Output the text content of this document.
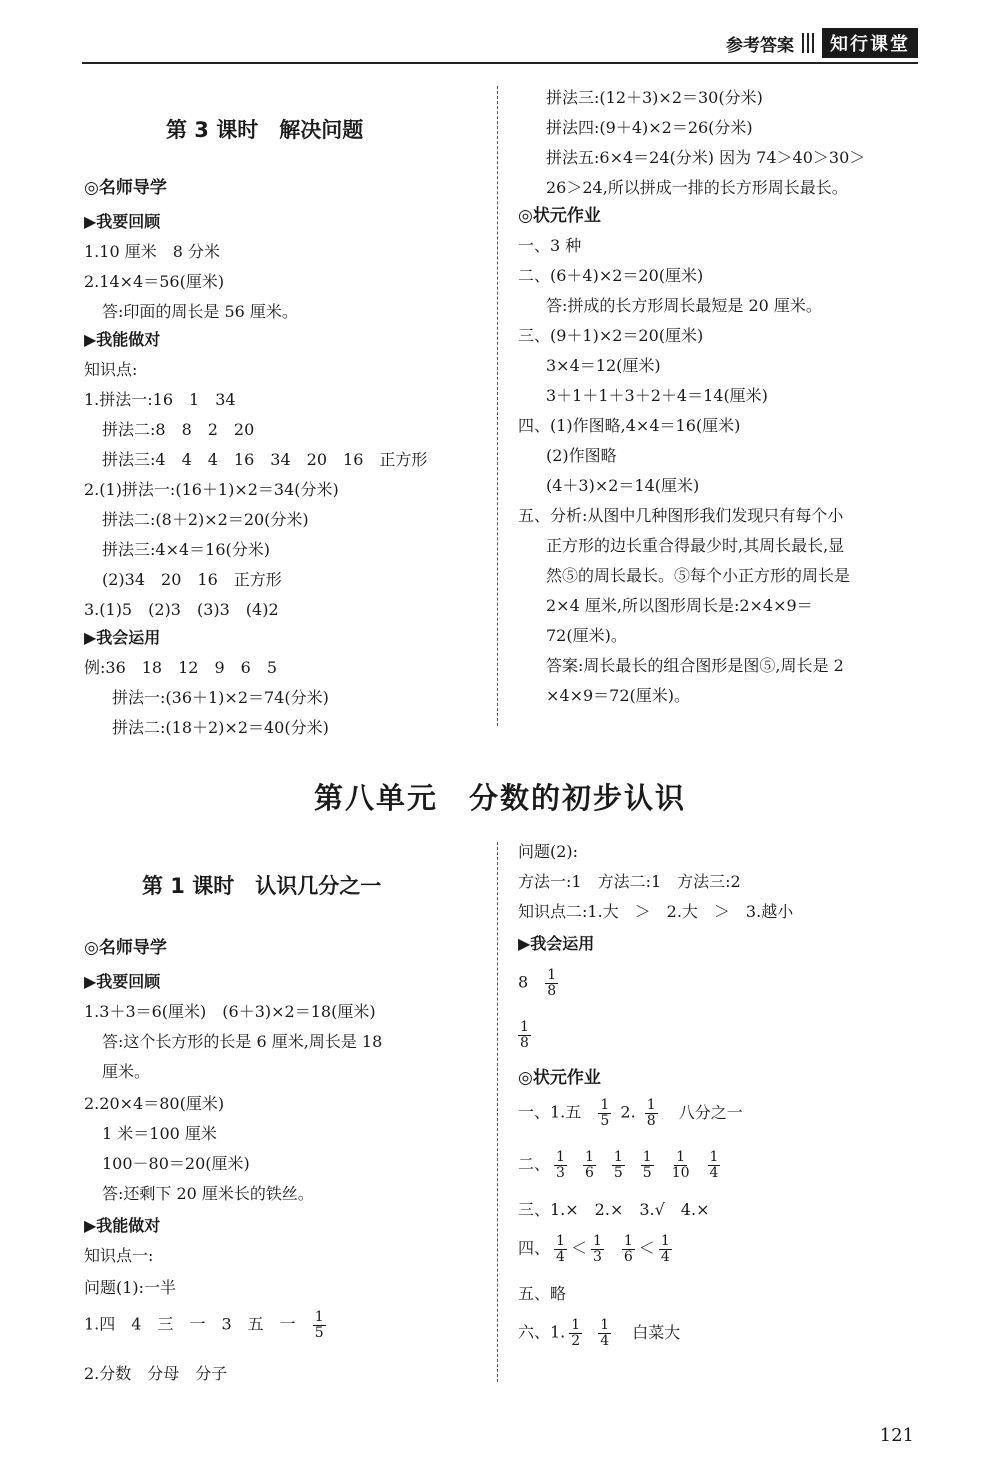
参考答案	知行课堂
第 3 课时　解决问题
◎名师导学
▶我要回顾
1.10 厘米　8 分米
2.14×4＝56(厘米)
答:印面的周长是 56 厘米。
▶我能做对
知识点:
1.拼法一:16　1　34
拼法二:8　8　2　20
拼法三:4　4　4　16　34　20　16　正方形
2.(1)拼法一:(16＋1)×2＝34(分米)
拼法二:(8＋2)×2＝20(分米)
拼法三:4×4＝16(分米)
(2)34　20　16　正方形
3.(1)5　(2)3　(3)3　(4)2
▶我会运用
例:36　18　12　9　6　5
拼法一:(36＋1)×2＝74(分米)
拼法二:(18＋2)×2＝40(分米)
拼法三:(12＋3)×2＝30(分米)
拼法四:(9＋4)×2＝26(分米)
拼法五:6×4＝24(分米) 因为 74＞40＞30＞
26＞24,所以拼成一排的长方形周长最长。
◎状元作业
一、3 种
二、(6＋4)×2＝20(厘米)
答:拼成的长方形周长最短是 20 厘米。
三、(9＋1)×2＝20(厘米)
3×4＝12(厘米)
3＋1＋1＋3＋2＋4＝14(厘米)
四、(1)作图略,4×4＝16(厘米)
(2)作图略
(4＋3)×2＝14(厘米)
五、分析:从图中几种图形我们发现只有每个小
正方形的边长重合得最少时,其周长最长,显
然⑤的周长最长。⑤每个小正方形的周长是
2×4 厘米,所以图形周长是:2×4×9＝
72(厘米)。
答案:周长最长的组合图形是图⑤,周长是 2
×4×9＝72(厘米)。
第八单元　分数的初步认识
第 1 课时　认识几分之一
◎名师导学
▶我要回顾
1.3＋3＝6(厘米)　(6＋3)×2＝18(厘米)
答:这个长方形的长是 6 厘米,周长是 18
厘米。
2.20×4＝80(厘米)
1 米＝100 厘米
100－80＝20(厘米)
答:还剩下 20 厘米长的铁丝。
▶我能做对
知识点一:
问题(1):一半
1.四　4　三　一　3　五　一 $\frac{1}{5}$
2.分数　分母　分子
问题(2):
方法一:1　方法二:1　方法三:2
知识点二:1.大　＞　2.大　＞　3.越小
▶我会运用
$8 \frac{1}{8}$
$\frac{1}{8}$
◎状元作业
一、1.五 $\frac{1}{5} 2$. $\frac{1}{8}$ 八分之一
二、 $\frac{1}{3} \frac{1}{6} \frac{1}{5} \frac{1}{5} \frac{1}{10} \frac{1}{4}$
三、1.×　2.×　3.√　4.×
四、 $\frac{1}{4} < \frac{1}{3} \frac{1}{6} < \frac{1}{4}$
五、略
六、1. $\frac{1}{2} \frac{1}{4}$ 白菜大
121
